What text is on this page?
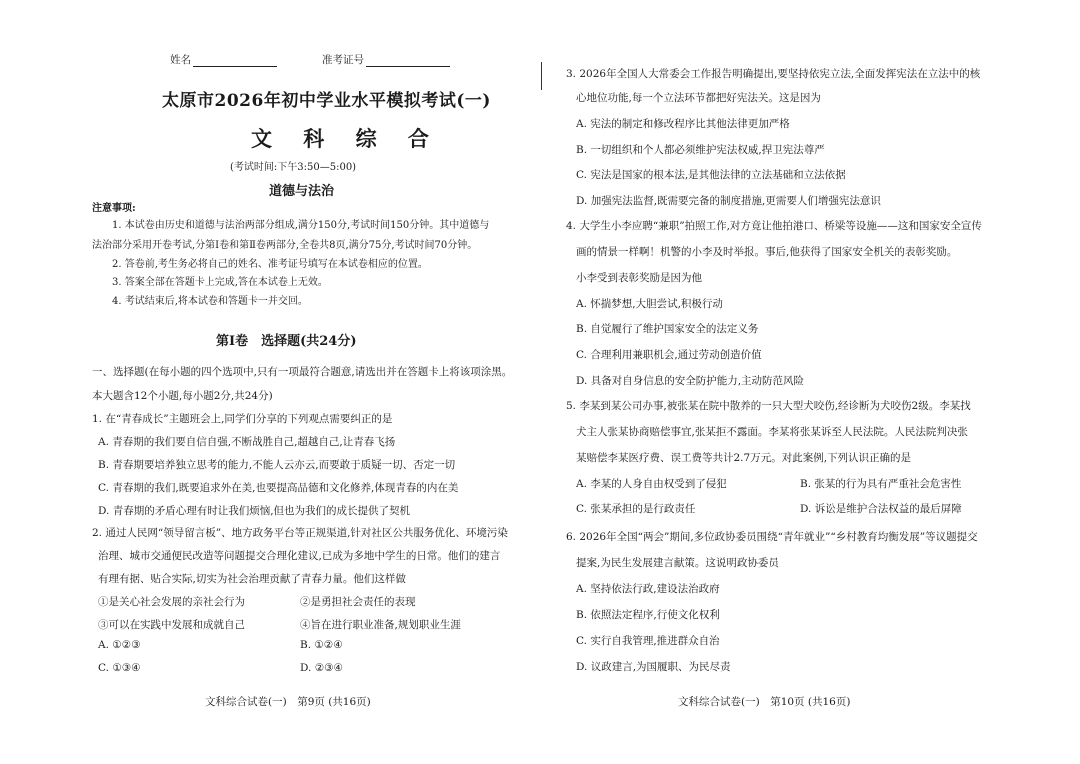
姓名	准考证号
太原市2026年初中学业水平模拟考试(一)
文 科 综 合
(考试时间:下午3:50—5:00)
道德与法治
注意事项:
1. 本试卷由历史和道德与法治两部分组成,满分150分,考试时间150分钟。其中道德与
法治部分采用开卷考试,分第Ⅰ卷和第Ⅱ卷两部分,全卷共8页,满分75分,考试时间70分钟。
2. 答卷前,考生务必将自己的姓名、准考证号填写在本试卷相应的位置。
3. 答案全部在答题卡上完成,答在本试卷上无效。
4. 考试结束后,将本试卷和答题卡一并交回。
第Ⅰ卷　选择题(共24分)
一、选择题(在每小题的四个选项中,只有一项最符合题意,请选出并在答题卡上将该项涂黑。
本大题含12个小题,每小题2分,共24分)
1. 在“青春成长”主题班会上,同学们分享的下列观点需要纠正的是
A. 青春期的我们要自信自强,不断战胜自己,超越自己,让青春飞扬
B. 青春期要培养独立思考的能力,不能人云亦云,而要敢于质疑一切、否定一切
C. 青春期的我们,既要追求外在美,也要提高品德和文化修养,体现青春的内在美
D. 青春期的矛盾心理有时让我们烦恼,但也为我们的成长提供了契机
2. 通过人民网“领导留言板”、地方政务平台等正规渠道,针对社区公共服务优化、环境污染
治理、城市交通便民改造等问题提交合理化建议,已成为多地中学生的日常。他们的建言
有理有据、贴合实际,切实为社会治理贡献了青春力量。他们这样做
①是关心社会发展的亲社会行为	②是勇担社会责任的表现
③可以在实践中发展和成就自己	④旨在进行职业准备,规划职业生涯
A. ①②③	B. ①②④
C. ①③④	D. ②③④
文科综合试卷(一)　第9页 (共16页)
3. 2026年全国人大常委会工作报告明确提出,要坚持依宪立法,全面发挥宪法在立法中的核
心地位功能,每一个立法环节都把好宪法关。这是因为
A. 宪法的制定和修改程序比其他法律更加严格
B. 一切组织和个人都必须维护宪法权威,捍卫宪法尊严
C. 宪法是国家的根本法,是其他法律的立法基础和立法依据
D. 加强宪法监督,既需要完备的制度措施,更需要人们增强宪法意识
4. 大学生小李应聘“兼职”拍照工作,对方竟让他拍港口、桥梁等设施——这和国家安全宣传
画的情景一样啊！机警的小李及时举报。事后,他获得了国家安全机关的表彰奖励。
小李受到表彰奖励是因为他
A. 怀揣梦想,大胆尝试,积极行动
B. 自觉履行了维护国家安全的法定义务
C. 合理利用兼职机会,通过劳动创造价值
D. 具备对自身信息的安全防护能力,主动防范风险
5. 李某到某公司办事,被张某在院中散养的一只大型犬咬伤,经诊断为犬咬伤2级。李某找
犬主人张某协商赔偿事宜,张某拒不露面。李某将张某诉至人民法院。人民法院判决张
某赔偿李某医疗费、误工费等共计2.7万元。对此案例,下列认识正确的是
A. 李某的人身自由权受到了侵犯	B. 张某的行为具有严重社会危害性
C. 张某承担的是行政责任	D. 诉讼是维护合法权益的最后屏障
6. 2026年全国“两会”期间,多位政协委员围绕“青年就业”“乡村教育均衡发展”等议题提交
提案,为民生发展建言献策。这说明政协委员
A. 坚持依法行政,建设法治政府
B. 依照法定程序,行使文化权利
C. 实行自我管理,推进群众自治
D. 议政建言,为国履职、为民尽责
文科综合试卷(一)　第10页 (共16页)
